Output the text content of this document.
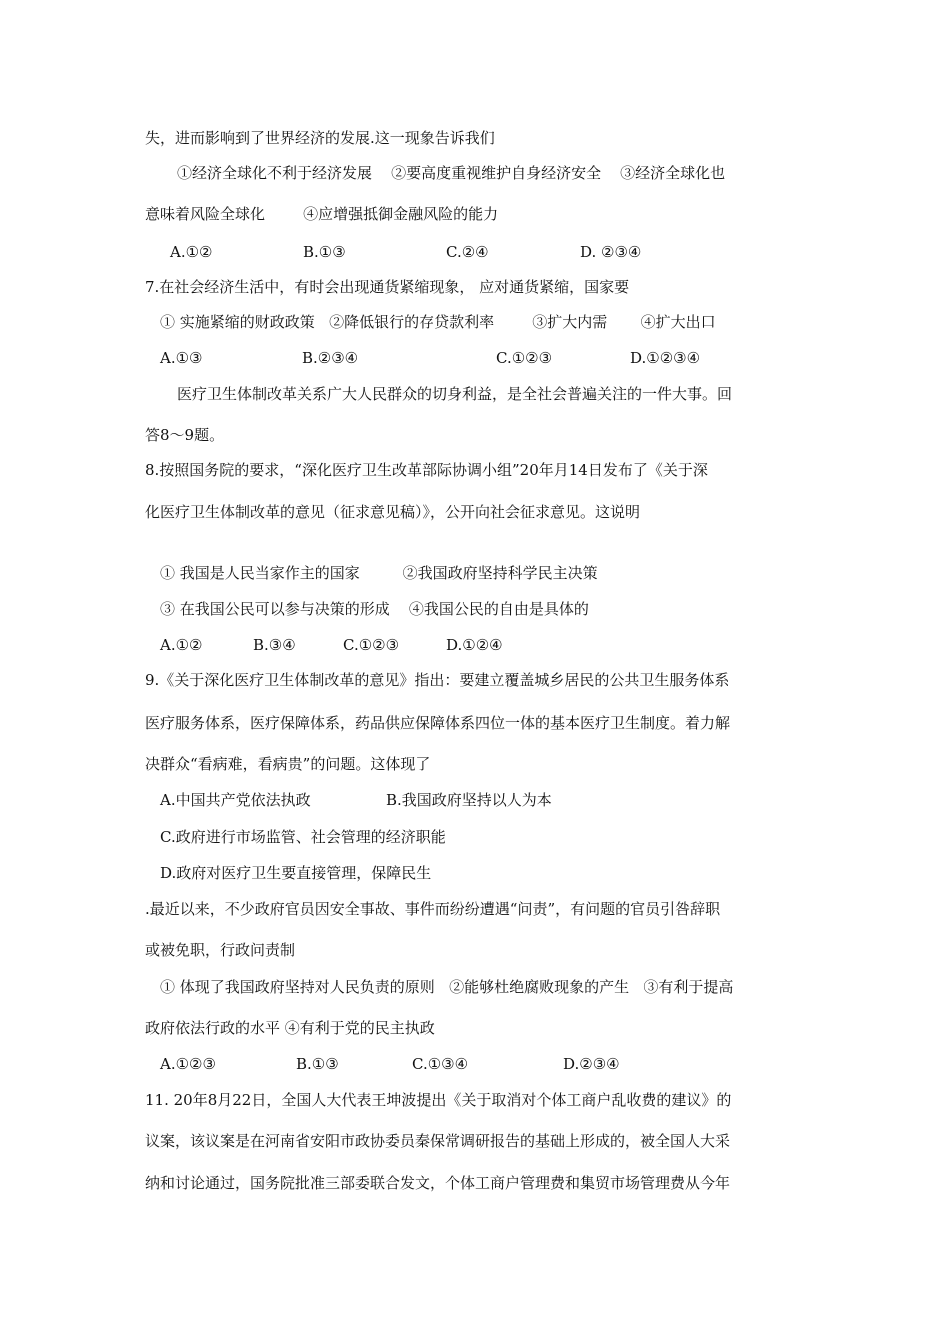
失，进而影响到了世界经济的发展.这一现象告诉我们
①经济全球化不利于经济发展    ②要高度重视维护自身经济安全    ③经济全球化也
意味着风险全球化        ④应增强抵御金融风险的能力
A.①②	B.①③	C.②④	D. ②③④
7.在社会经济生活中，有时会出现通货紧缩现象， 应对通货紧缩，国家要
① 实施紧缩的财政政策   ②降低银行的存贷款利率        ③扩大内需       ④扩大出口
A.①③	B.②③④	C.①②③	D.①②③④
医疗卫生体制改革关系广大人民群众的切身利益，是全社会普遍关注的一件大事。回
答8～9题。
8.按照国务院的要求，“深化医疗卫生改革部际协调小组”20年月14日发布了《关于深
化医疗卫生体制改革的意见（征求意见稿）》，公开向社会征求意见。这说明
① 我国是人民当家作主的国家         ②我国政府坚持科学民主决策
③ 在我国公民可以参与决策的形成    ④我国公民的自由是具体的
A.①②	B.③④	C.①②③	D.①②④
9.《关于深化医疗卫生体制改革的意见》指出：要建立覆盖城乡居民的公共卫生服务体系
医疗服务体系，医疗保障体系，药品供应保障体系四位一体的基本医疗卫生制度。着力解
决群众“看病难，看病贵”的问题。这体现了
A.中国共产党依法执政	B.我国政府坚持以人为本
C.政府进行市场监管、社会管理的经济职能
D.政府对医疗卫生要直接管理，保障民生
.最近以来，不少政府官员因安全事故、事件而纷纷遭遇“问责”，有问题的官员引咎辞职
或被免职，行政问责制
① 体现了我国政府坚持对人民负责的原则   ②能够杜绝腐败现象的产生   ③有利于提高
政府依法行政的水平 ④有利于党的民主执政
A.①②③	B.①③	C.①③④	D.②③④
11. 20年8月22日，全国人大代表王坤波提出《关于取消对个体工商户乱收费的建议》的
议案，该议案是在河南省安阳市政协委员秦保常调研报告的基础上形成的，被全国人大采
纳和讨论通过，国务院批准三部委联合发文，个体工商户管理费和集贸市场管理费从今年
